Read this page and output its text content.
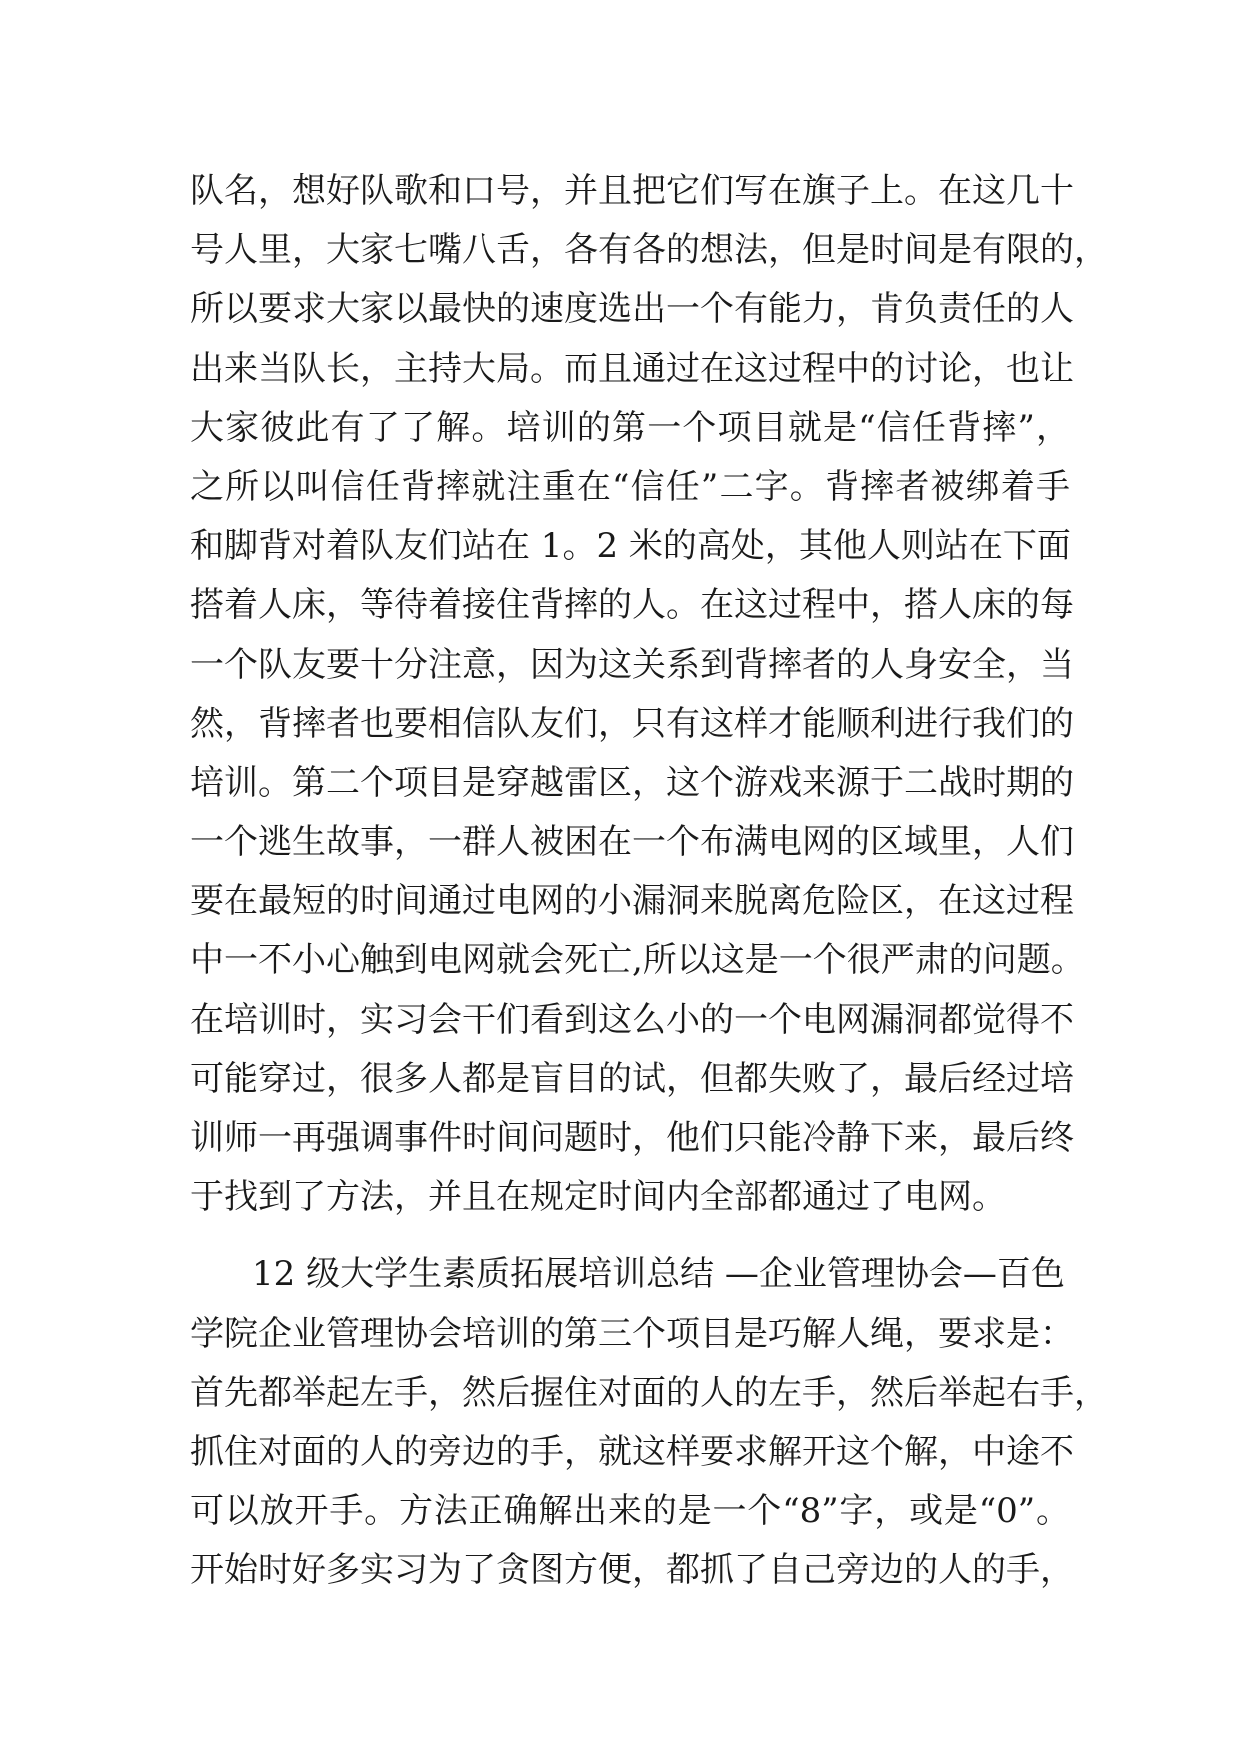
队名，想好队歌和口号，并且把它们写在旗子上。在这几十
号人里，大家七嘴八舌，各有各的想法，但是时间是有限的，
所以要求大家以最快的速度选出一个有能力，肯负责任的人
出来当队长，主持大局。而且通过在这过程中的讨论，也让
大家彼此有了了解。培训的第一个项目就是“信任背摔”，
之所以叫信任背摔就注重在“信任”二字。背摔者被绑着手
和脚背对着队友们站在 1。2 米的高处，其他人则站在下面
搭着人床，等待着接住背摔的人。在这过程中，搭人床的每
一个队友要十分注意，因为这关系到背摔者的人身安全，当
然，背摔者也要相信队友们，只有这样才能顺利进行我们的
培训。第二个项目是穿越雷区，这个游戏来源于二战时期的
一个逃生故事，一群人被困在一个布满电网的区域里，人们
要在最短的时间通过电网的小漏洞来脱离危险区，在这过程
中一不小心触到电网就会死亡,所以这是一个很严肃的问题。
在培训时，实习会干们看到这么小的一个电网漏洞都觉得不
可能穿过，很多人都是盲目的试，但都失败了，最后经过培
训师一再强调事件时间问题时，他们只能冷静下来，最后终
于找到了方法，并且在规定时间内全部都通过了电网。
12 级大学生素质拓展培训总结 —企业管理协会—百色
学院企业管理协会培训的第三个项目是巧解人绳，要求是：
首先都举起左手，然后握住对面的人的左手，然后举起右手，
抓住对面的人的旁边的手，就这样要求解开这个解，中途不
可以放开手。方法正确解出来的是一个“8”字，或是“0”。
开始时好多实习为了贪图方便，都抓了自己旁边的人的手，
